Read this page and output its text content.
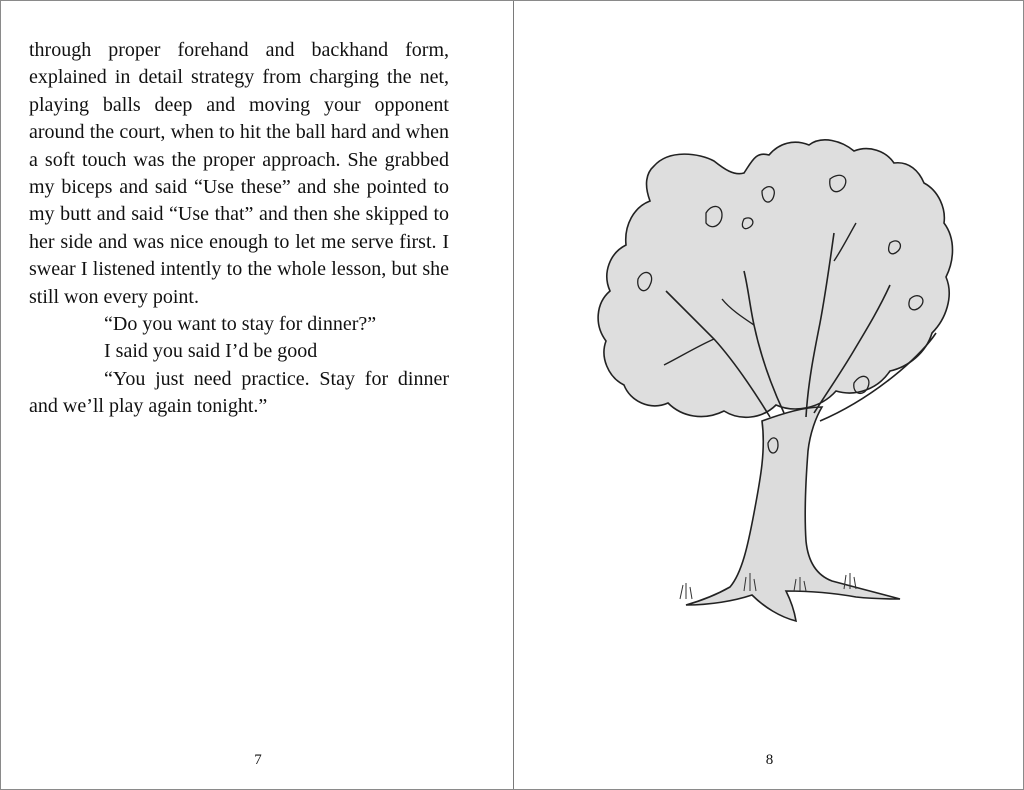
through proper forehand and backhand form, explained in detail strategy from charging the net, playing balls deep and moving your opponent around the court, when to hit the ball hard and when a soft touch was the proper approach. She grabbed my biceps and said “Use these” and she pointed to my butt and said “Use that” and then she skipped to her side and was nice enough to let me serve first. I swear I listened intently to the whole lesson, but she still won every point.

“Do you want to stay for dinner?”

I said you said I’d be good

“You just need practice. Stay for dinner and we’ll play again tonight.”

7	8
